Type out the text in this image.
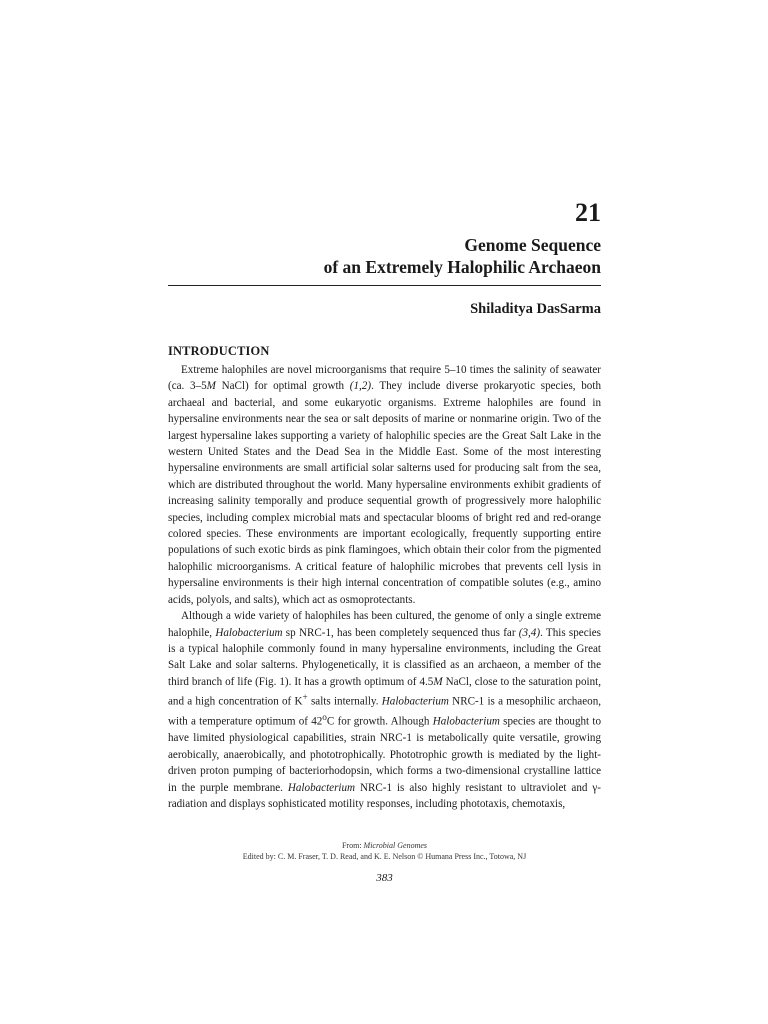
21
Genome Sequence
of an Extremely Halophilic Archaeon
Shiladitya DasSarma
INTRODUCTION

Extreme halophiles are novel microorganisms that require 5–10 times the salinity of seawater (ca. 3–5M NaCl) for optimal growth (1,2). They include diverse prokaryotic species, both archaeal and bacterial, and some eukaryotic organisms. Extreme halophiles are found in hypersaline environments near the sea or salt deposits of marine or nonmarine origin. Two of the largest hypersaline lakes supporting a variety of halophilic species are the Great Salt Lake in the western United States and the Dead Sea in the Middle East. Some of the most interesting hypersaline environments are small artificial solar salterns used for producing salt from the sea, which are distributed throughout the world. Many hypersaline environments exhibit gradients of increasing salinity temporally and produce sequential growth of progressively more halophilic species, including complex microbial mats and spectacular blooms of bright red and red-orange colored species. These environments are important ecologically, frequently supporting entire populations of such exotic birds as pink flamingoes, which obtain their color from the pigmented halophilic microorganisms. A critical feature of halophilic microbes that prevents cell lysis in hypersaline environments is their high internal concentration of compatible solutes (e.g., amino acids, polyols, and salts), which act as osmoprotectants.

Although a wide variety of halophiles has been cultured, the genome of only a single extreme halophile, Halobacterium sp NRC-1, has been completely sequenced thus far (3,4). This species is a typical halophile commonly found in many hypersaline environments, including the Great Salt Lake and solar salterns. Phylogenetically, it is classified as an archaeon, a member of the third branch of life (Fig. 1). It has a growth optimum of 4.5M NaCl, close to the saturation point, and a high concentration of K+ salts internally. Halobacterium NRC-1 is a mesophilic archaeon, with a temperature optimum of 42$^o$C for growth. Alhough Halobacterium species are thought to have limited physiological capabilities, strain NRC-1 is metabolically quite versatile, growing aerobically, anaerobically, and phototrophically. Phototrophic growth is mediated by the light-driven proton pumping of bacteriorhodopsin, which forms a two-dimensional crystalline lattice in the purple membrane. Halobacterium NRC-1 is also highly resistant to ultraviolet and γ-radiation and displays sophisticated motility responses, including phototaxis, chemotaxis,

From: Microbial Genomes
Edited by: C. M. Fraser, T. D. Read, and K. E. Nelson © Humana Press Inc., Totowa, NJ
383
